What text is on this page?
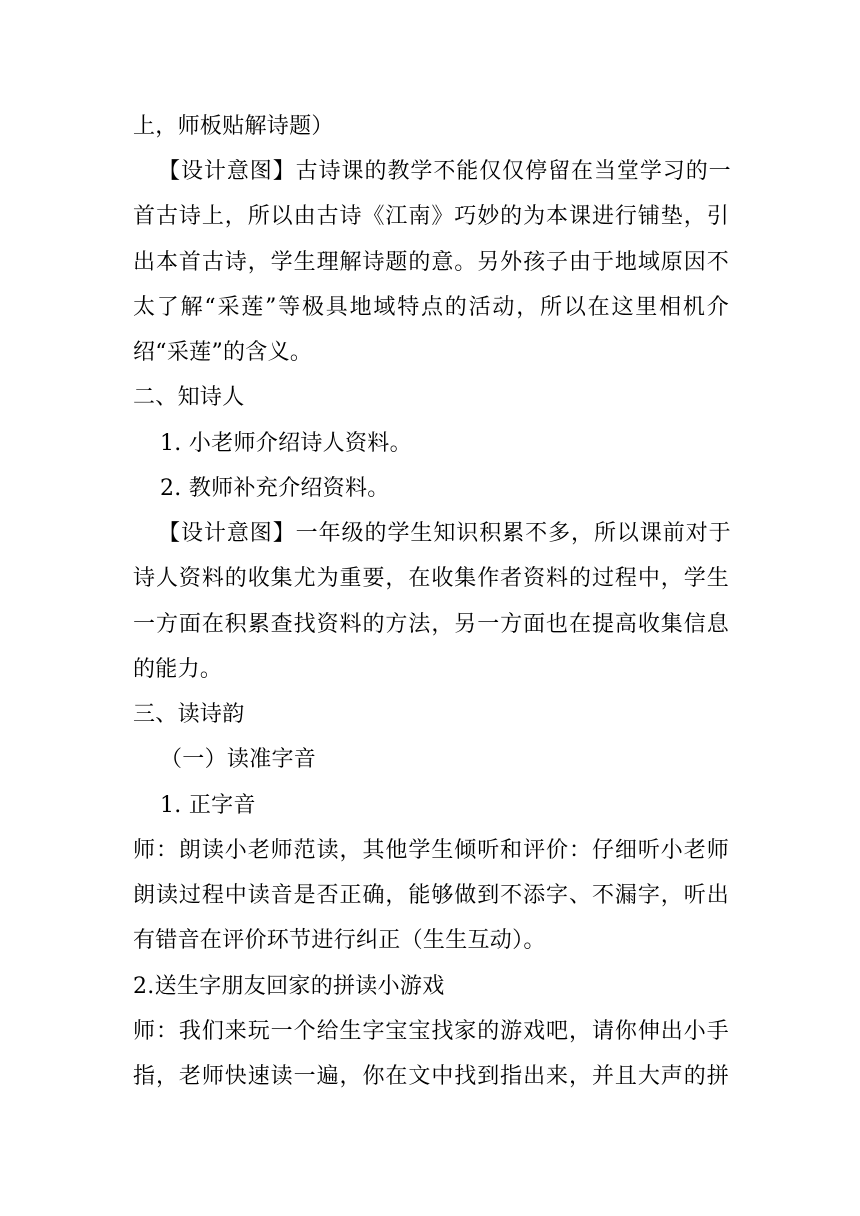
上，师板贴解诗题）
【设计意图】古诗课的教学不能仅仅停留在当堂学习的一
首古诗上，所以由古诗《江南》巧妙的为本课进行铺垫，引
出本首古诗，学生理解诗题的意。另外孩子由于地域原因不
太了解“采莲”等极具地域特点的活动，所以在这里相机介
绍“采莲”的含义。
二、知诗人
1. 小老师介绍诗人资料。
2. 教师补充介绍资料。
【设计意图】一年级的学生知识积累不多，所以课前对于
诗人资料的收集尤为重要，在收集作者资料的过程中，学生
一方面在积累查找资料的方法，另一方面也在提高收集信息
的能力。
三、读诗韵
（一）读准字音
1. 正字音
师：朗读小老师范读，其他学生倾听和评价：仔细听小老师
朗读过程中读音是否正确，能够做到不添字、不漏字，听出
有错音在评价环节进行纠正（生生互动）。
2.送生字朋友回家的拼读小游戏
师：我们来玩一个给生字宝宝找家的游戏吧，请你伸出小手
指，老师快速读一遍，你在文中找到指出来，并且大声的拼
